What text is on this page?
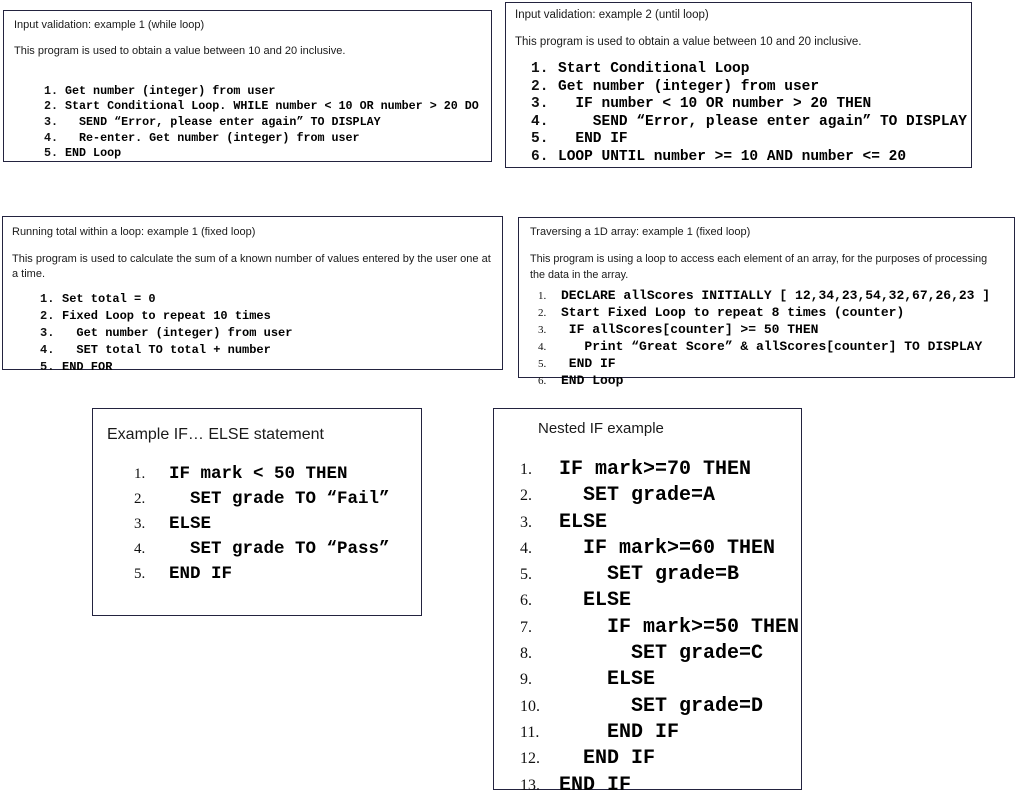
Input validation: example 1 (while loop)
This program is used to obtain a value between 10 and 20 inclusive.
1. Get number (integer) from user
2. Start Conditional Loop. WHILE number < 10 OR number > 20 DO
3. SEND “Error, please enter again” TO DISPLAY
4. Re-enter. Get number (integer) from user
5. END Loop
Input validation: example 2 (until loop)
This program is used to obtain a value between 10 and 20 inclusive.
1. Start Conditional Loop
2. Get number (integer) from user
3. IF number < 10 OR number > 20 THEN
4. SEND “Error, please enter again” TO DISPLAY
5. END IF
6. LOOP UNTIL number >= 10 AND number <= 20
Running total within a loop: example 1 (fixed loop)
This program is used to calculate the sum of a known number of values entered by the user one at a time.
1. Set total = 0
2. Fixed Loop to repeat 10 times
3. Get number (integer) from user
4. SET total TO total + number
5. END FOR
Traversing a 1D array: example 1 (fixed loop)
This program is using a loop to access each element of an array, for the purposes of processing the data in the array.
1.	DECLARE allScores INITIALLY [ 12,34,23,54,32,67,26,23 ]
2.	Start Fixed Loop to repeat 8 times (counter)
3.	IF allScores[counter] >= 50 THEN
4.	Print “Great Score” & allScores[counter] TO DISPLAY
5.	END IF
6.	END Loop
Example IF… ELSE statement
1.	IF mark < 50 THEN
2.	SET grade TO “Fail”
3.	ELSE
4.	SET grade TO “Pass”
5.	END IF
Nested IF example
1.	IF mark>=70 THEN
2.	SET grade=A
3.	ELSE
4.	IF mark>=60 THEN
5.	SET grade=B
6.	ELSE
7.	IF mark>=50 THEN
8.	SET grade=C
9.	ELSE
10. SET grade=D
11. END IF
12. END IF
13. END IF
